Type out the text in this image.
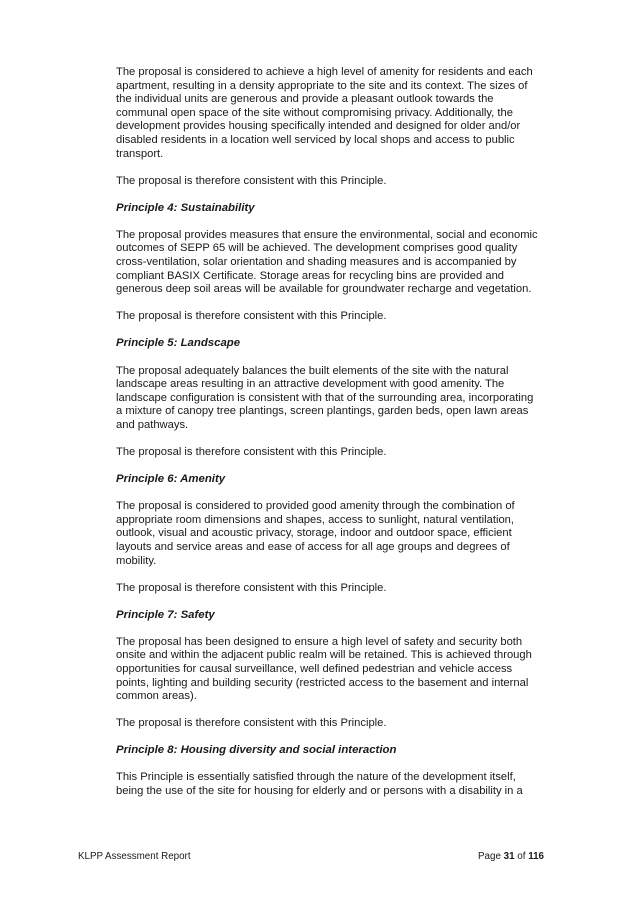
The proposal is considered to achieve a high level of amenity for residents and each
apartment, resulting in a density appropriate to the site and its context. The sizes of
the individual units are generous and provide a pleasant outlook towards the
communal open space of the site without compromising privacy. Additionally, the
development provides housing specifically intended and designed for older and/or
disabled residents in a location well serviced by local shops and access to public
transport.

The proposal is therefore consistent with this Principle.

Principle 4: Sustainability

The proposal provides measures that ensure the environmental, social and economic
outcomes of SEPP 65 will be achieved. The development comprises good quality
cross-ventilation, solar orientation and shading measures and is accompanied by
compliant BASIX Certificate. Storage areas for recycling bins are provided and
generous deep soil areas will be available for groundwater recharge and vegetation.

The proposal is therefore consistent with this Principle.

Principle 5: Landscape

The proposal adequately balances the built elements of the site with the natural
landscape areas resulting in an attractive development with good amenity. The
landscape configuration is consistent with that of the surrounding area, incorporating
a mixture of canopy tree plantings, screen plantings, garden beds, open lawn areas
and pathways.

The proposal is therefore consistent with this Principle.

Principle 6: Amenity

The proposal is considered to provided good amenity through the combination of
appropriate room dimensions and shapes, access to sunlight, natural ventilation,
outlook, visual and acoustic privacy, storage, indoor and outdoor space, efficient
layouts and service areas and ease of access for all age groups and degrees of
mobility.

The proposal is therefore consistent with this Principle.

Principle 7: Safety

The proposal has been designed to ensure a high level of safety and security both
onsite and within the adjacent public realm will be retained. This is achieved through
opportunities for causal surveillance, well defined pedestrian and vehicle access
points, lighting and building security (restricted access to the basement and internal
common areas).

The proposal is therefore consistent with this Principle.

Principle 8: Housing diversity and social interaction

This Principle is essentially satisfied through the nature of the development itself,
being the use of the site for housing for elderly and or persons with a disability in a

KLPP Assessment Report	Page 31 of 116
